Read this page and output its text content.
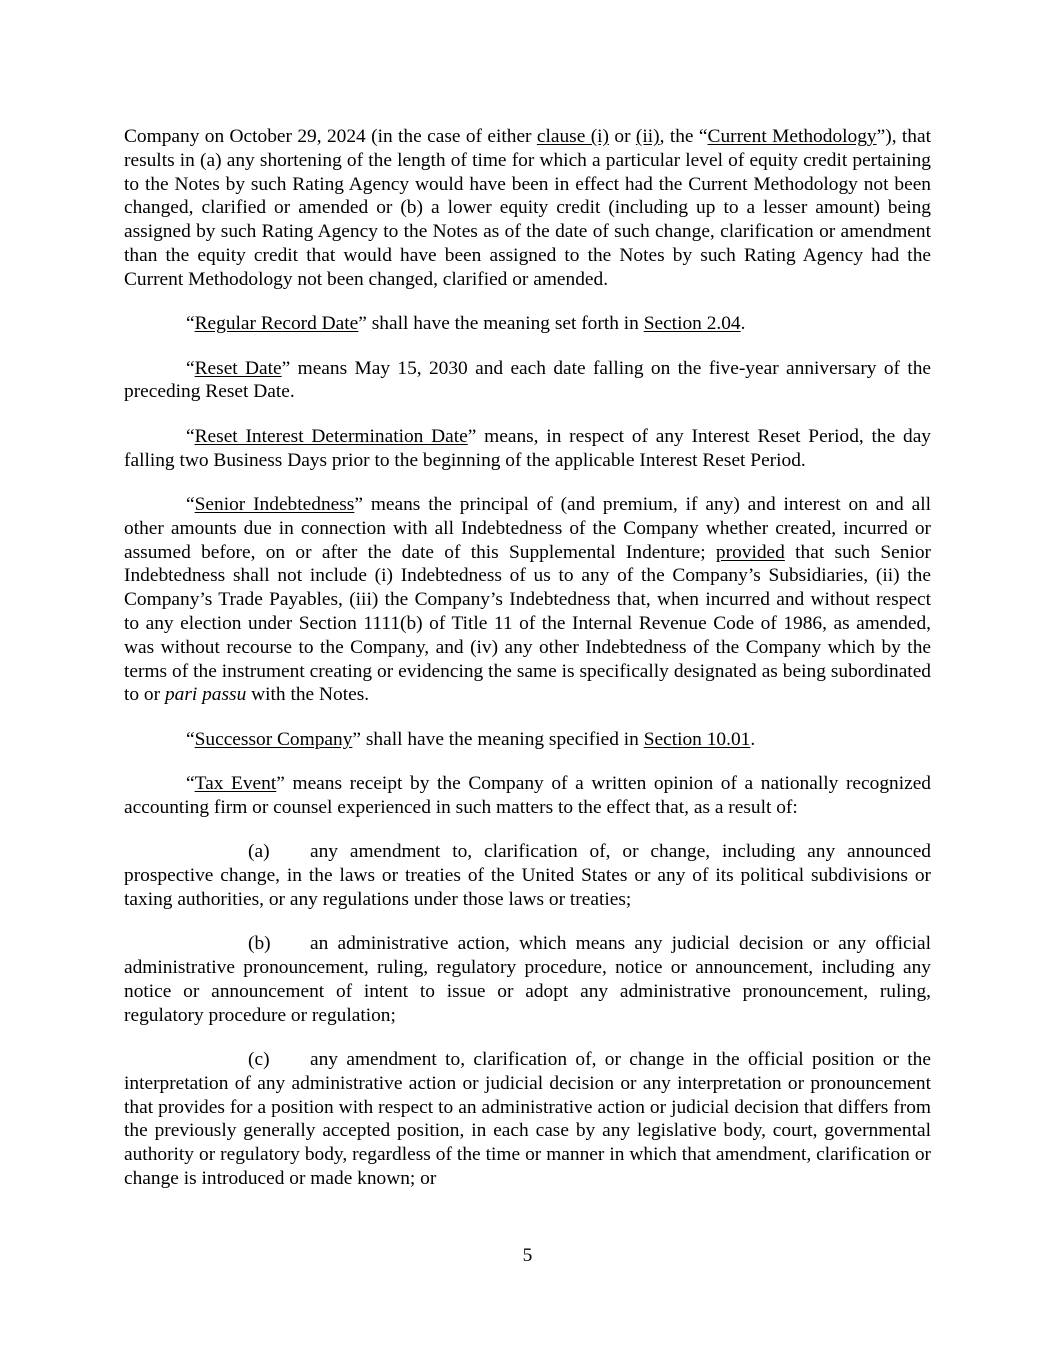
Company on October 29, 2024 (in the case of either clause (i) or (ii), the “Current Methodology”), that results in (a) any shortening of the length of time for which a particular level of equity credit pertaining to the Notes by such Rating Agency would have been in effect had the Current Methodology not been changed, clarified or amended or (b) a lower equity credit (including up to a lesser amount) being assigned by such Rating Agency to the Notes as of the date of such change, clarification or amendment than the equity credit that would have been assigned to the Notes by such Rating Agency had the Current Methodology not been changed, clarified or amended.

“Regular Record Date” shall have the meaning set forth in Section 2.04.

“Reset Date” means May 15, 2030 and each date falling on the five-year anniversary of the preceding Reset Date.

“Reset Interest Determination Date” means, in respect of any Interest Reset Period, the day falling two Business Days prior to the beginning of the applicable Interest Reset Period.

“Senior Indebtedness” means the principal of (and premium, if any) and interest on and all other amounts due in connection with all Indebtedness of the Company whether created, incurred or assumed before, on or after the date of this Supplemental Indenture; provided that such Senior Indebtedness shall not include (i) Indebtedness of us to any of the Company’s Subsidiaries, (ii) the Company’s Trade Payables, (iii) the Company’s Indebtedness that, when incurred and without respect to any election under Section 1111(b) of Title 11 of the Internal Revenue Code of 1986, as amended, was without recourse to the Company, and (iv) any other Indebtedness of the Company which by the terms of the instrument creating or evidencing the same is specifically designated as being subordinated to or pari passu with the Notes.

“Successor Company” shall have the meaning specified in Section 10.01.

“Tax Event” means receipt by the Company of a written opinion of a nationally recognized accounting firm or counsel experienced in such matters to the effect that, as a result of:

(a) any amendment to, clarification of, or change, including any announced prospective change, in the laws or treaties of the United States or any of its political subdivisions or taxing authorities, or any regulations under those laws or treaties;

(b) an administrative action, which means any judicial decision or any official administrative pronouncement, ruling, regulatory procedure, notice or announcement, including any notice or announcement of intent to issue or adopt any administrative pronouncement, ruling, regulatory procedure or regulation;

(c) any amendment to, clarification of, or change in the official position or the interpretation of any administrative action or judicial decision or any interpretation or pronouncement that provides for a position with respect to an administrative action or judicial decision that differs from the previously generally accepted position, in each case by any legislative body, court, governmental authority or regulatory body, regardless of the time or manner in which that amendment, clarification or change is introduced or made known; or

5
